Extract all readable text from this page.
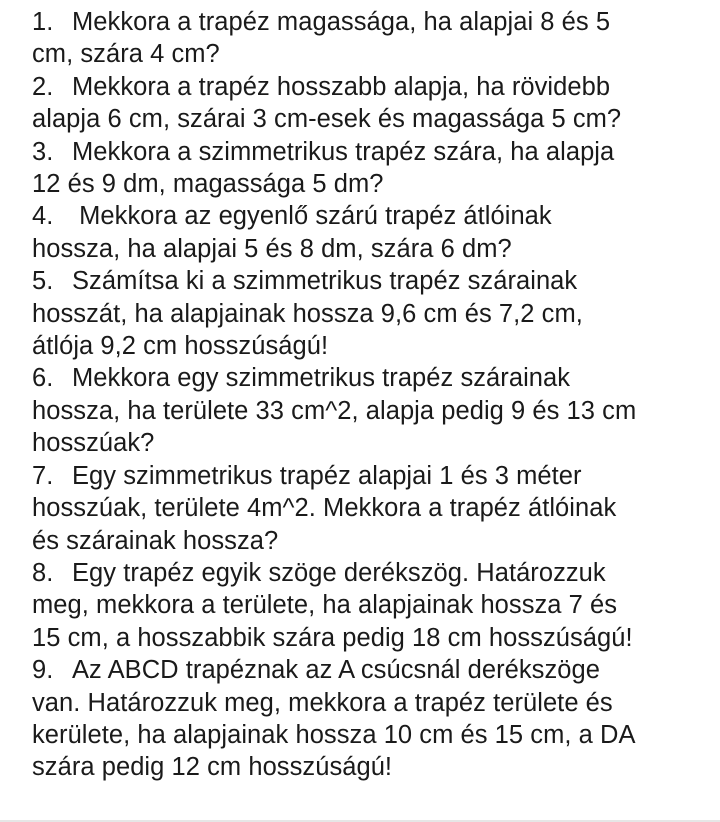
1. Mekkora a trapéz magassága, ha alapjai 8 és 5
cm, szára 4 cm?
2. Mekkora a trapéz hosszabb alapja, ha rövidebb
alapja 6 cm, szárai 3 cm-esek és magassága 5 cm?
3. Mekkora a szimmetrikus trapéz szára, ha alapja
12 és 9 dm, magassága 5 dm?
4. Mekkora az egyenlő szárú trapéz átlóinak
hossza, ha alapjai 5 és 8 dm, szára 6 dm?
5. Számítsa ki a szimmetrikus trapéz szárainak
hosszát, ha alapjainak hossza 9,6 cm és 7,2 cm,
átlója 9,2 cm hosszúságú!
6. Mekkora egy szimmetrikus trapéz szárainak
hossza, ha területe 33 cm^2, alapja pedig 9 és 13 cm
hosszúak?
7. Egy szimmetrikus trapéz alapjai 1 és 3 méter
hosszúak, területe 4m^2. Mekkora a trapéz átlóinak
és szárainak hossza?
8. Egy trapéz egyik szöge derékszög. Határozzuk
meg, mekkora a területe, ha alapjainak hossza 7 és
15 cm, a hosszabbik szára pedig 18 cm hosszúságú!
9. Az ABCD trapéznak az A csúcsnál derékszöge
van. Határozzuk meg, mekkora a trapéz területe és
kerülete, ha alapjainak hossza 10 cm és 15 cm, a DA
szára pedig 12 cm hosszúságú!
